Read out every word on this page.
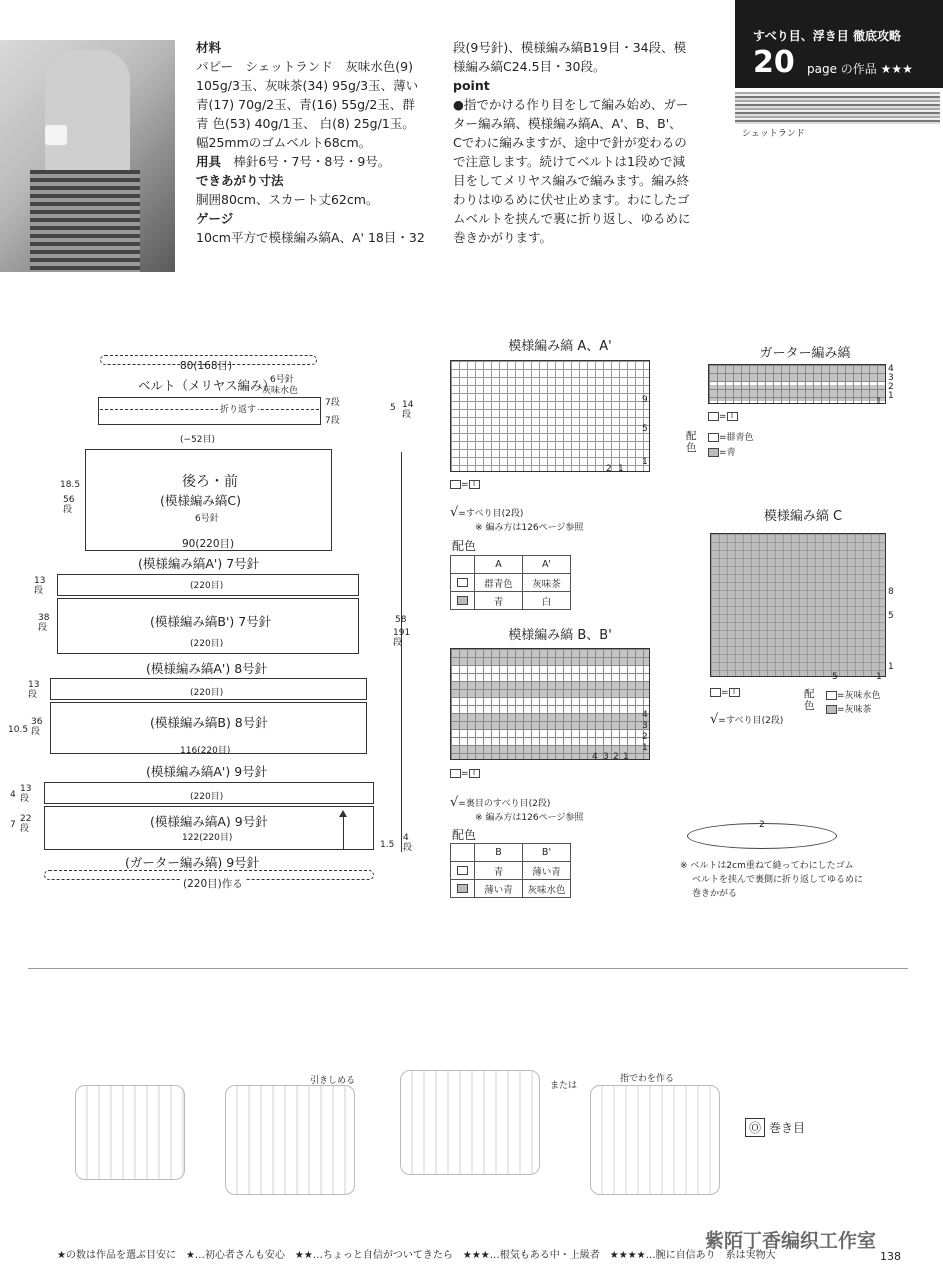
材料
パピー　シェットランド　灰味水色(9)
105g/3玉、灰味茶(34) 95g/3玉、薄い
青(17) 70g/2玉、青(16) 55g/2玉、群
青 色(53) 40g/1玉、 白(8) 25g/1玉。
幅25mmのゴムベルト68cm。
用具　 棒針6号・7号・8号・9号。
できあがり寸法
胴囲80cm、スカート丈62cm。
ゲージ
10cm平方で模様編み縞A、A' 18目・32
段(9号針)、模様編み縞B19目・34段、模
様編み縞C24.5目・30段。
point
●指でかける作り目をして編み始め、ガー
ター編み縞、模様編み縞A、A'、B、B'、
Cでわに編みますが、途中で針が変わるの
で注意します。続けてベルトは1段めで減
目をしてメリヤス編みで編みます。編み終
わりはゆるめに伏せ止めます。わにしたゴ
ムベルトを挟んで裏に折り返し、ゆるめに
巻きかがります。
すべり目、浮き目 徹底攻略
20 page の作品 ★★★
シェットランド
80(168目)
ベルト（メリヤス編み）
6号針
灰味水色
折り返す
7段
7段
(−52目)
5 14段
後ろ・前
(模様編み縞C)
6号針
18.5
56段
90(220目)
(模様編み縞A') 7号針
(220目)
13段
(模様編み縞B') 7号針
(220目)
38段
58
191段
(模様編み縞A') 8号針
(220目)
13段
(模様編み縞B) 8号針
116(220目)
10.5
36段
(模様編み縞A') 9号針
(220目)
4
13段
(模様編み縞A) 9号針
122(220目)
7
22段
(ガーター編み縞) 9号針
1.5
4段
(220目)作る
模様編み縞 A、A'
9
5
1
2 1
= I
√=すべり目(2段)
※ 編み方は126ページ参照
配色
	A	A'
	群青色	灰味茶
	青	白
模様編み縞 B、B'
4
3
2
1
4 3 2 1
= I
√=裏目のすべり目(2段)
※ 編み方は126ページ参照
配色
	B	B'
	青	薄い青
	薄い青	灰味水色
ガーター編み縞
4
3
2
1
1
= I
配色
=群青色
=青
模様編み縞 C
8
5
1
5	1
= I	配色
=灰味水色
=灰味茶
√=すべり目(2段)
2
※ ベルトは2cm重ねて縫ってわにしたゴム
ベルトを挟んで裏側に折り返してゆるめに
巻きかがる
引きしめる	または
指でわを作る
Ⓞ 巻き目
★の数は作品を選ぶ目安に　★…初心者さんも安心　★★…ちょっと自信がついてきたら　★★★…根気もある中・上級者　★★★★…腕に自信あり　系は実物大
紫陌丁香编织工作室
138
